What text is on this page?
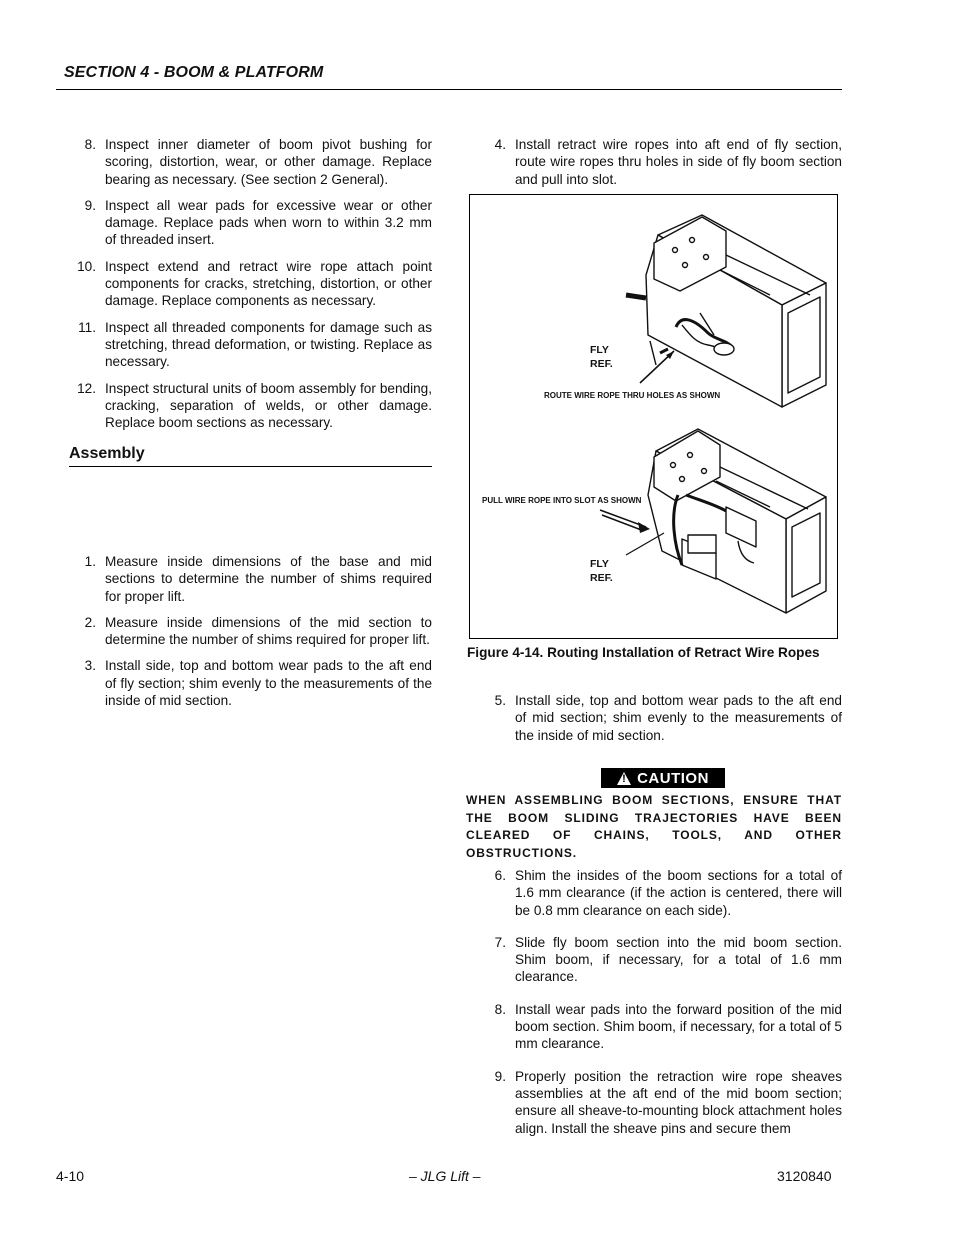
SECTION 4 - BOOM & PLATFORM
8. Inspect inner diameter of boom pivot bushing for scoring, distortion, wear, or other damage. Replace bearing as necessary. (See section 2 General).
9. Inspect all wear pads for excessive wear or other damage. Replace pads when worn to within 3.2 mm of threaded insert.
10. Inspect extend and retract wire rope attach point components for cracks, stretching, distortion, or other damage. Replace components as necessary.
11. Inspect all threaded components for damage such as stretching, thread deformation, or twisting. Replace as necessary.
12. Inspect structural units of boom assembly for bending, cracking, separation of welds, or other damage. Replace boom sections as necessary.
Assembly
1. Measure inside dimensions of the base and mid sections to determine the number of shims required for proper lift.
2. Measure inside dimensions of the mid section to determine the number of shims required for proper lift.
3. Install side, top and bottom wear pads to the aft end of fly section; shim evenly to the measurements of the inside of mid section.
4. Install retract wire ropes into aft end of fly section, route wire ropes thru holes in side of fly boom section and pull into slot.
FLY
REF.
ROUTE WIRE ROPE THRU HOLES AS SHOWN
PULL WIRE ROPE INTO SLOT AS SHOWN
FLY
REF.
Figure 4-14. Routing Installation of Retract Wire Ropes
5. Install side, top and bottom wear pads to the aft end of mid section; shim evenly to the measurements of the inside of mid section.
!
CAUTION
WHEN ASSEMBLING BOOM SECTIONS, ENSURE THAT THE BOOM SLIDING TRAJECTORIES HAVE BEEN CLEARED OF CHAINS, TOOLS, AND OTHER OBSTRUCTIONS.
6. Shim the insides of the boom sections for a total of 1.6 mm clearance (if the action is centered, there will be 0.8 mm clearance on each side).
7. Slide fly boom section into the mid boom section. Shim boom, if necessary, for a total of 1.6 mm clearance.
8. Install wear pads into the forward position of the mid boom section. Shim boom, if necessary, for a total of 5 mm clearance.
9. Properly position the retraction wire rope sheaves assemblies at the aft end of the mid boom section; ensure all sheave-to-mounting block attachment holes align. Install the sheave pins and secure them
4-10	– JLG Lift –	3120840
